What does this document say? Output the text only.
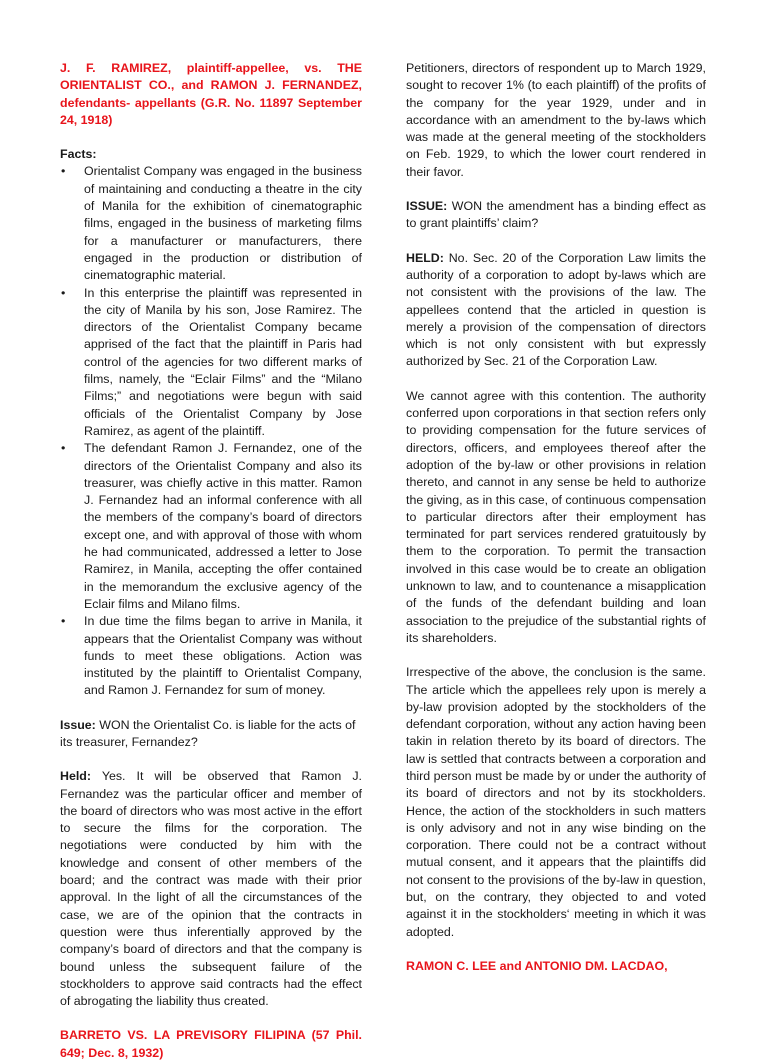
J. F. RAMIREZ, plaintiff-appellee, vs. THE ORIENTALIST CO., and RAMON J. FERNANDEZ, defendants- appellants (G.R. No. 11897 September 24, 1918)

Facts:

• Orientalist Company was engaged in the business of maintaining and conducting a theatre in the city of Manila for the exhibition of cinematographic films, engaged in the business of marketing films for a manufacturer or manufacturers, there engaged in the production or distribution of cinematographic material.
• In this enterprise the plaintiff was represented in the city of Manila by his son, Jose Ramirez. The directors of the Orientalist Company became apprised of the fact that the plaintiff in Paris had control of the agencies for two different marks of films, namely, the “Eclair Films” and the “Milano Films;” and negotiations were begun with said officials of the Orientalist Company by Jose Ramirez, as agent of the plaintiff.
• The defendant Ramon J. Fernandez, one of the directors of the Orientalist Company and also its treasurer, was chiefly active in this matter. Ramon J. Fernandez had an informal conference with all the members of the company’s board of directors except one, and with approval of those with whom he had communicated, addressed a letter to Jose Ramirez, in Manila, accepting the offer contained in the memorandum the exclusive agency of the Eclair films and Milano films.
• In due time the films began to arrive in Manila, it appears that the Orientalist Company was without funds to meet these obligations. Action was instituted by the plaintiff to Orientalist Company, and Ramon J. Fernandez for sum of money.

Issue: WON the Orientalist Co. is liable for the acts of its treasurer, Fernandez?

Held: Yes. It will be observed that Ramon J. Fernandez was the particular officer and member of the board of directors who was most active in the effort to secure the films for the corporation. The negotiations were conducted by him with the knowledge and consent of other members of the board; and the contract was made with their prior approval. In the light of all the circumstances of the case, we are of the opinion that the contracts in question were thus inferentially approved by the company’s board of directors and that the company is bound unless the subsequent failure of the stockholders to approve said contracts had the effect of abrogating the liability thus created.

BARRETO VS. LA PREVISORY FILIPINA (57 Phil. 649; Dec. 8, 1932)

Petitioners, directors of respondent up to March 1929, sought to recover 1% (to each plaintiff) of the profits of the company for the year 1929, under and in accordance with an amendment to the by-laws which was made at the general meeting of the stockholders on Feb. 1929, to which the lower court rendered in their favor.

ISSUE: WON the amendment has a binding effect as to grant plaintiffs’ claim?

HELD: No. Sec. 20 of the Corporation Law limits the authority of a corporation to adopt by-laws which are not consistent with the provisions of the law. The appellees contend that the articled in question is merely a provision of the compensation of directors which is not only consistent with but expressly authorized by Sec. 21 of the Corporation Law.

We cannot agree with this contention. The authority conferred upon corporations in that section refers only to providing compensation for the future services of directors, officers, and employees thereof after the adoption of the by-law or other provisions in relation thereto, and cannot in any sense be held to authorize the giving, as in this case, of continuous compensation to particular directors after their employment has terminated for part services rendered gratuitously by them to the corporation. To permit the transaction involved in this case would be to create an obligation unknown to law, and to countenance a misapplication of the funds of the defendant building and loan association to the prejudice of the substantial rights of its shareholders.

Irrespective of the above, the conclusion is the same. The article which the appellees rely upon is merely a by-law provision adopted by the stockholders of the defendant corporation, without any action having been takin in relation thereto by its board of directors. The law is settled that contracts between a corporation and third person must be made by or under the authority of its board of directors and not by its stockholders. Hence, the action of the stockholders in such matters is only advisory and not in any wise binding on the corporation. There could not be a contract without mutual consent, and it appears that the plaintiffs did not consent to the provisions of the by-law in question, but, on the contrary, they objected to and voted against it in the stockholders‘ meeting in which it was adopted.

RAMON C. LEE and ANTONIO DM. LACDAO,
